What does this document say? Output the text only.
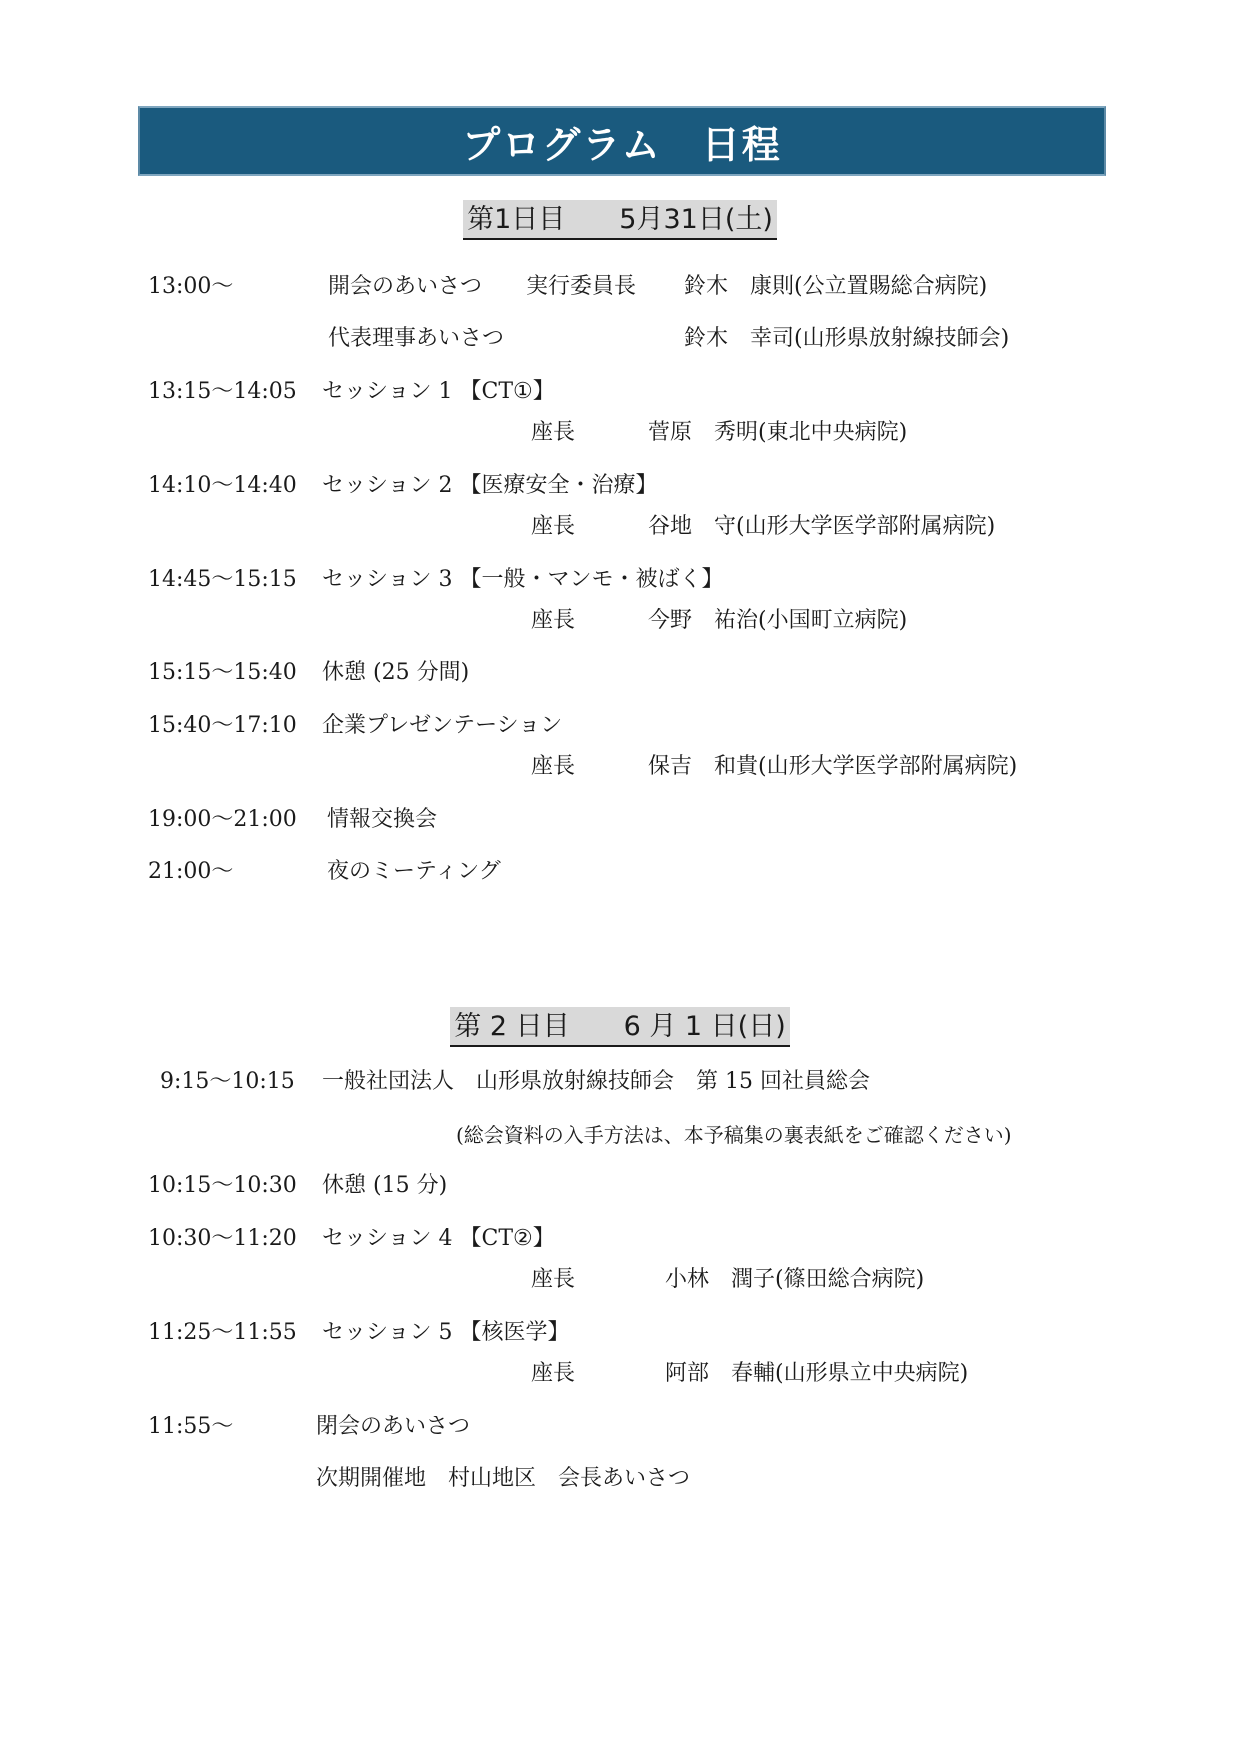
プログラム　日程
第1日目　　5月31日(土)
13:00～	開会のあいさつ 実行委員長 鈴木　康則(公立置賜総合病院)
代表理事あいさつ	鈴木　幸司(山形県放射線技師会)
13:15～14:05 セッション 1 【CT①】
座長	菅原　秀明(東北中央病院)
14:10～14:40 セッション 2 【医療安全・治療】
座長	谷地　守(山形大学医学部附属病院)
14:45～15:15 セッション 3 【一般・マンモ・被ばく】
座長	今野　祐治(小国町立病院)
15:15～15:40 休憩 (25 分間)
15:40～17:10 企業プレゼンテーション
座長	保吉　和貴(山形大学医学部附属病院)
19:00～21:00 情報交換会
21:00～	夜のミーティング
第 2 日目　　6 月 1 日(日)
9:15～10:15 一般社団法人　山形県放射線技師会　第 15 回社員総会
(総会資料の入手方法は、本予稿集の裏表紙をご確認ください)
10:15～10:30 休憩 (15 分)
10:30～11:20 セッション 4 【CT②】
座長	小林　潤子(篠田総合病院)
11:25～11:55 セッション 5 【核医学】
座長	阿部　春輔(山形県立中央病院)
11:55～	閉会のあいさつ
次期開催地　村山地区　会長あいさつ
